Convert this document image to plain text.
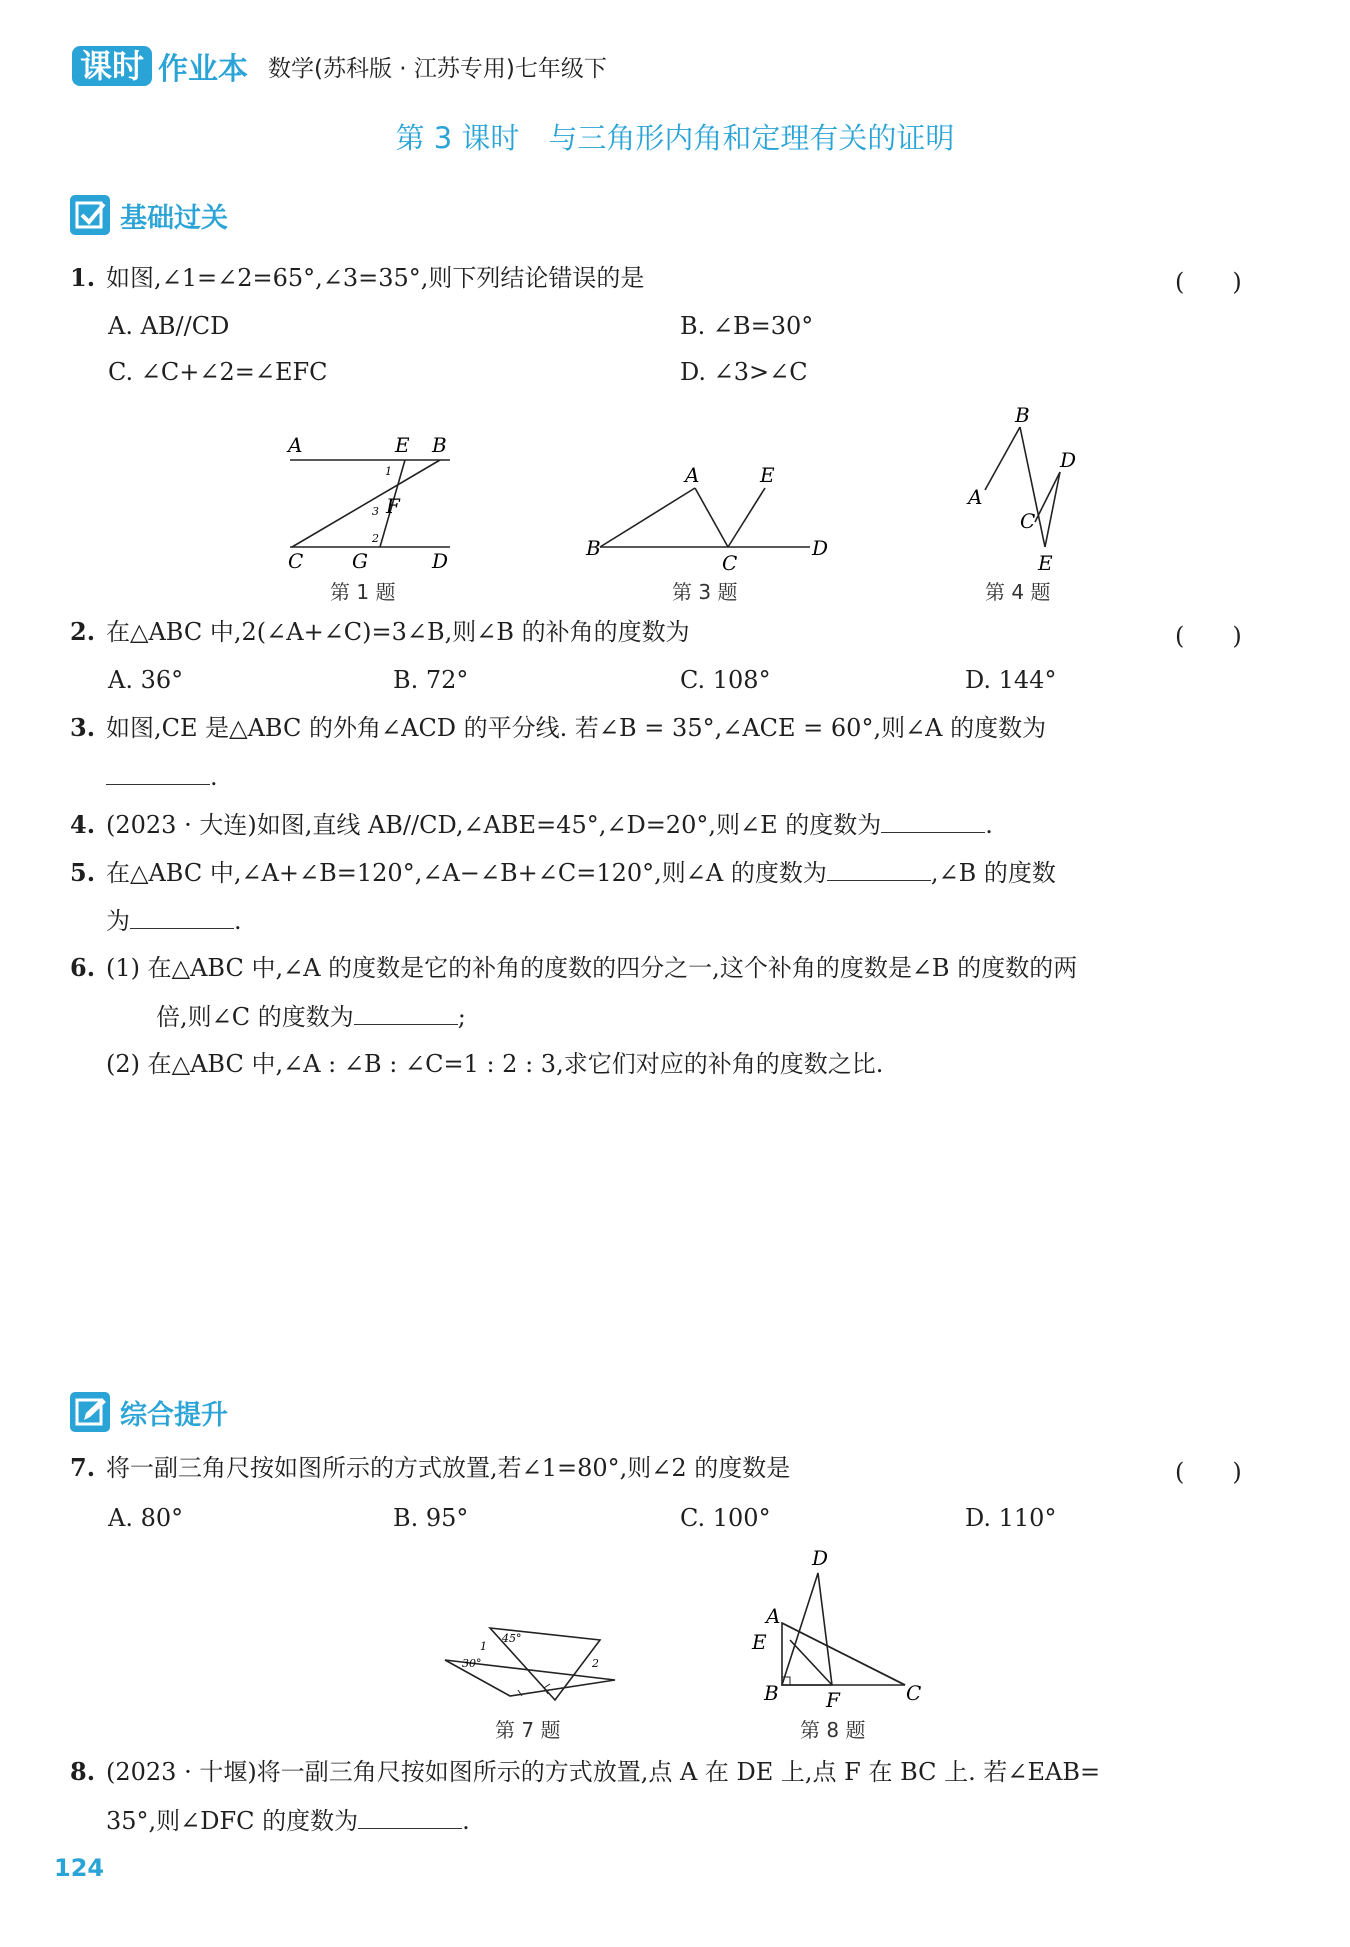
课时 作业本 数学(苏科版 · 江苏专用)七年级下
第 3 课时　与三角形内角和定理有关的证明
基础过关
1. 如图,∠1=∠2=65°,∠3=35°,则下列结论错误的是	(　　)
A. AB//CD	B. ∠B=30°
C. ∠C+∠2=∠EFC	D. ∠3>∠C
A	E B
C G	D
F
1
3
2
第 1 题
A	E
B
C
D
第 3 题
B
D
A
C
E
第 4 题
2. 在△ABC 中,2(∠A+∠C)=3∠B,则∠B 的补角的度数为	(　　)
A. 36°	B. 72°	C. 108°	D. 144°
3. 如图,CE 是△ABC 的外角∠ACD 的平分线. 若∠B = 35°,∠ACE = 60°,则∠A 的度数为
.
4. (2023 · 大连)如图,直线 AB//CD,∠ABE=45°,∠D=20°,则∠E 的度数为	.
5. 在△ABC 中,∠A+∠B=120°,∠A−∠B+∠C=120°,则∠A 的度数为	,∠B 的度数
为	.
6. (1) 在△ABC 中,∠A 的度数是它的补角的度数的四分之一,这个补角的度数是∠B 的度数的两
倍,则∠C 的度数为	;
(2) 在△ABC 中,∠A : ∠B : ∠C=1 : 2 : 3,求它们对应的补角的度数之比.
综合提升
7. 将一副三角尺按如图所示的方式放置,若∠1=80°,则∠2 的度数是	(　　)
A. 80°	B. 95°	C. 100°	D. 110°
45°
30°
1
2
第 7 题
D
A
E
B F	C
第 8 题
8. (2023 · 十堰)将一副三角尺按如图所示的方式放置,点 A 在 DE 上,点 F 在 BC 上. 若∠EAB=
35°,则∠DFC 的度数为	.
124
